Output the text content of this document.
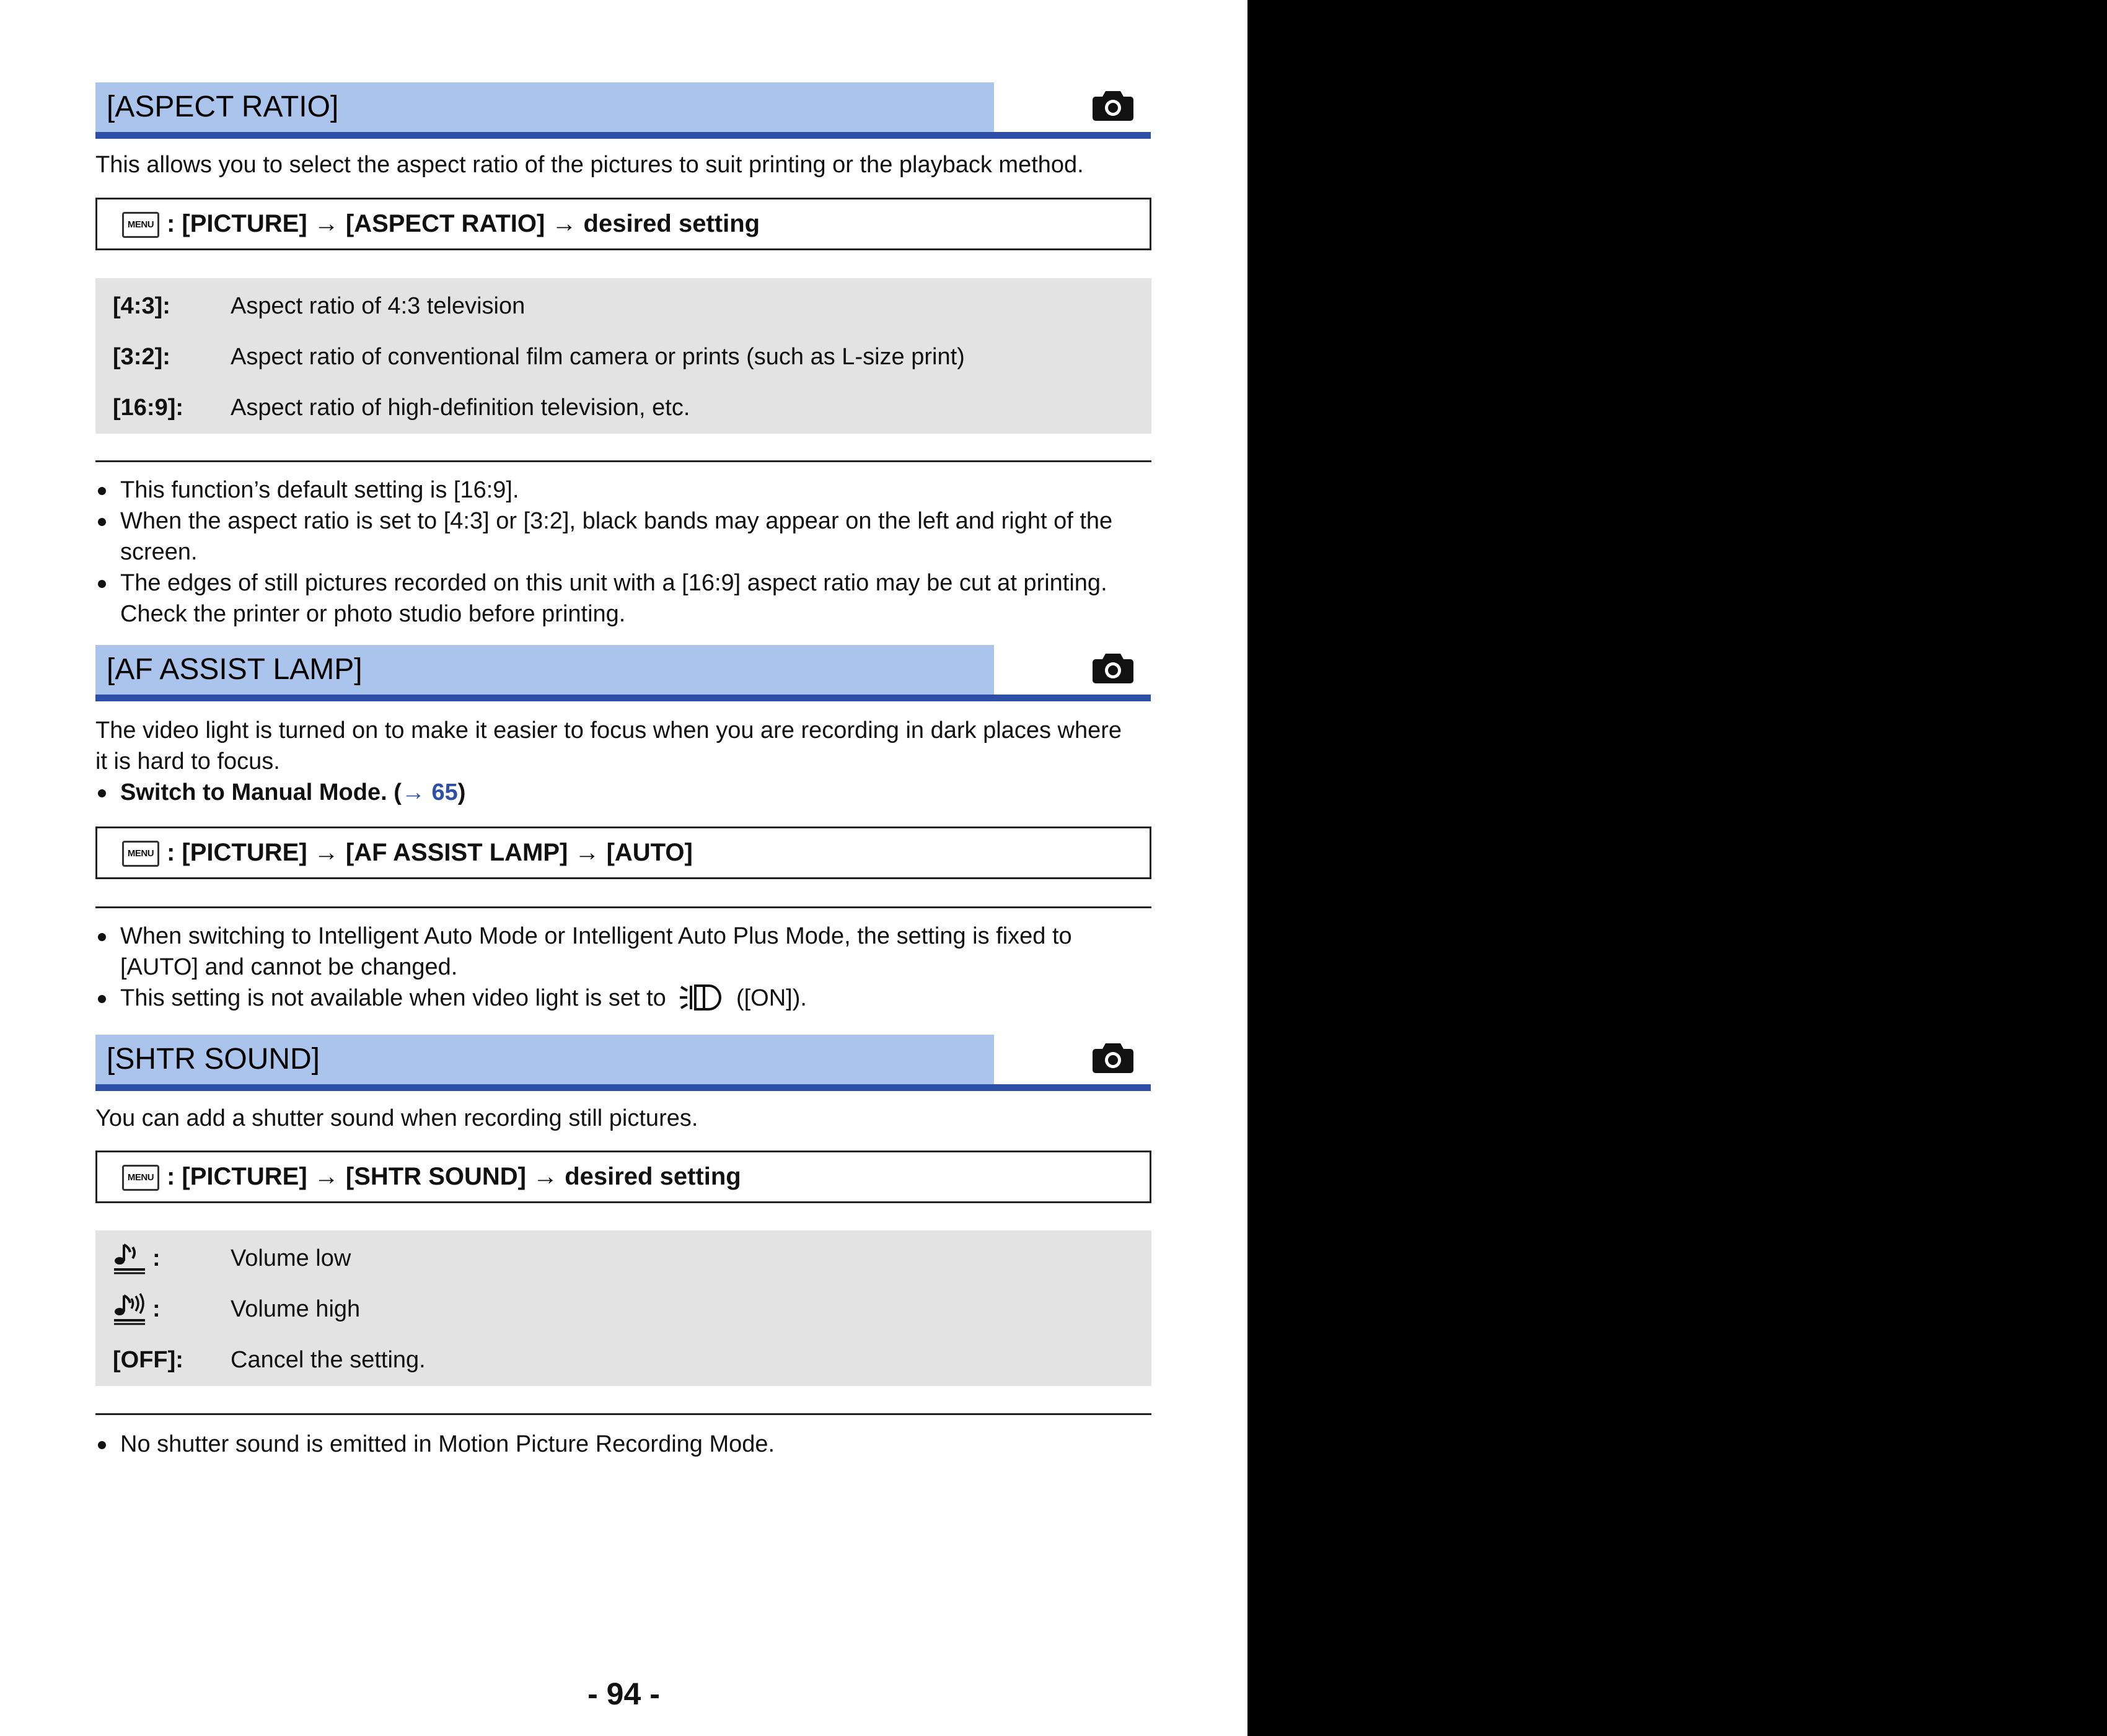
[ASPECT RATIO]
This allows you to select the aspect ratio of the pictures to suit printing or the playback method.
MENU : [PICTURE] → [ASPECT RATIO] → desired setting
[4:3]:	Aspect ratio of 4:3 television
[3:2]:	Aspect ratio of conventional film camera or prints (such as L-size print)
[16:9]: Aspect ratio of high-definition television, etc.
This function’s default setting is [16:9].
When the aspect ratio is set to [4:3] or [3:2], black bands may appear on the left and right of the
screen.
The edges of still pictures recorded on this unit with a [16:9] aspect ratio may be cut at printing.
Check the printer or photo studio before printing.
[AF ASSIST LAMP]
The video light is turned on to make it easier to focus when you are recording in dark places where
it is hard to focus.
Switch to Manual Mode. (→ 65)
MENU : [PICTURE] → [AF ASSIST LAMP] → [AUTO]
When switching to Intelligent Auto Mode or Intelligent Auto Plus Mode, the setting is fixed to
[AUTO] and cannot be changed.
This setting is not available when video light is set to	([ON]).
[SHTR SOUND]
You can add a shutter sound when recording still pictures.
MENU : [PICTURE] → [SHTR SOUND] → desired setting
:	Volume low
:	Volume high
[OFF]: Cancel the setting.
No shutter sound is emitted in Motion Picture Recording Mode.
- 94 -
